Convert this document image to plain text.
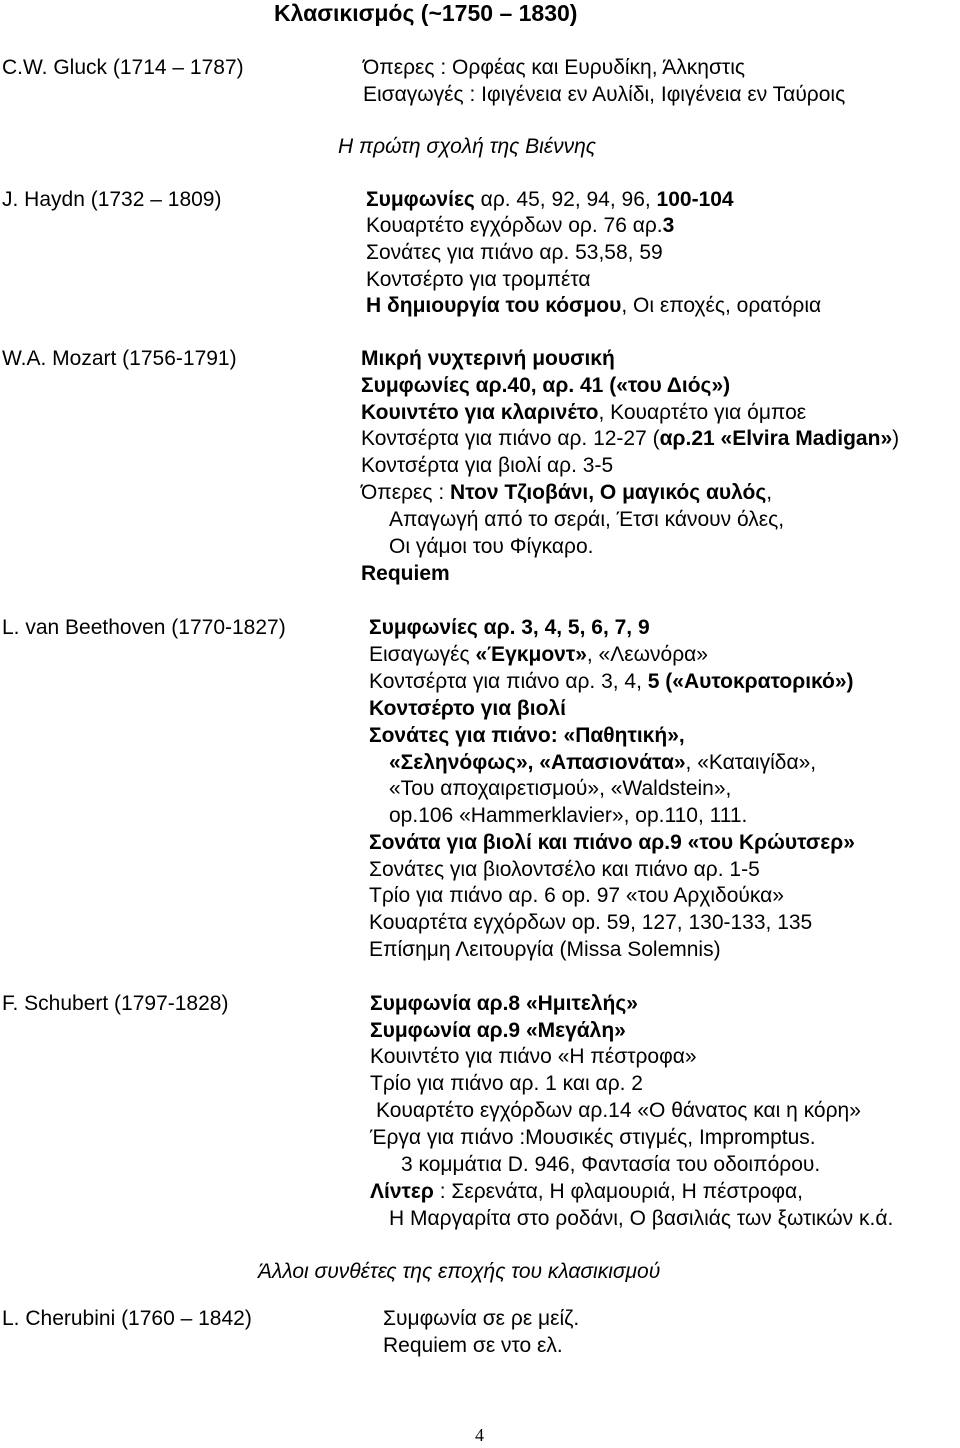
Κλασικισμός (~1750 – 1830)
C.W. Gluck (1714 – 1787)	Όπερες : Ορφέας και Ευρυδίκη, Άλκηστις
Εισαγωγές : Ιφιγένεια εν Αυλίδι, Ιφιγένεια εν Ταύροις
Η πρώτη σχολή της Βιέννης
J. Haydn (1732 – 1809)	Συμφωνίες αρ. 45, 92, 94, 96, 100-104
Κουαρτέτο εγχόρδων ορ. 76 αρ.3
Σονάτες για πιάνο αρ. 53,58, 59
Κοντσέρτο για τρομπέτα
Η δημιουργία του κόσμου, Οι εποχές, ορατόρια
W.A. Mozart (1756-1791)	Μικρή νυχτερινή μουσική
Συμφωνίες αρ.40, αρ. 41 («του Διός»)
Κουιντέτο για κλαρινέτο, Κουαρτέτο για όμποε
Κοντσέρτα για πιάνο αρ. 12-27 (αρ.21 «Elvira Madigan»)
Κοντσέρτα για βιολί αρ. 3-5
Όπερες : Ντον Τζιοβάνι, Ο μαγικός αυλός,
Απαγωγή από το σεράι, Έτσι κάνουν όλες,
Οι γάμοι του Φίγκαρο.
Requiem
L. van Beethoven (1770-1827)	Συμφωνίες αρ. 3, 4, 5, 6, 7, 9
Εισαγωγές «Έγκμοντ», «Λεωνόρα»
Κοντσέρτα για πιάνο αρ. 3, 4, 5 («Αυτοκρατορικό»)
Κοντσέρτο για βιολί
Σονάτες για πιάνο: «Παθητική»,
«Σεληνόφως», «Απασιονάτα», «Καταιγίδα»,
«Του αποχαιρετισμού», «Waldstein»,
op.106 «Hammerklavier», op.110, 111.
Σονάτα για βιολί και πιάνο αρ.9 «του Κρώυτσερ»
Σονάτες για βιολοντσέλο και πιάνο αρ. 1-5
Τρίο για πιάνο αρ. 6 op. 97 «του Αρχιδούκα»
Κουαρτέτα εγχόρδων op. 59, 127, 130-133, 135
Επίσημη Λειτουργία (Missa Solemnis)
F. Schubert (1797-1828)	Συμφωνία αρ.8 «Ημιτελής»
Συμφωνία αρ.9 «Μεγάλη»
Κουιντέτο για πιάνο «Η πέστροφα»
Τρίο για πιάνο αρ. 1 και αρ. 2
Κουαρτέτο εγχόρδων αρ.14 «Ο θάνατος και η κόρη»
Έργα για πιάνο :Μουσικές στιγμές, Impromptus.
3 κομμάτια D. 946, Φαντασία του οδοιπόρου.
Λίντερ : Σερενάτα, Η φλαμουριά, Η πέστροφα,
Η Μαργαρίτα στο ροδάνι, Ο βασιλιάς των ξωτικών κ.ά.
Άλλοι συνθέτες της εποχής του κλασικισμού
L. Cherubini (1760 – 1842)	Συμφωνία σε ρε μείζ.
Requiem σε ντο ελ.
4
